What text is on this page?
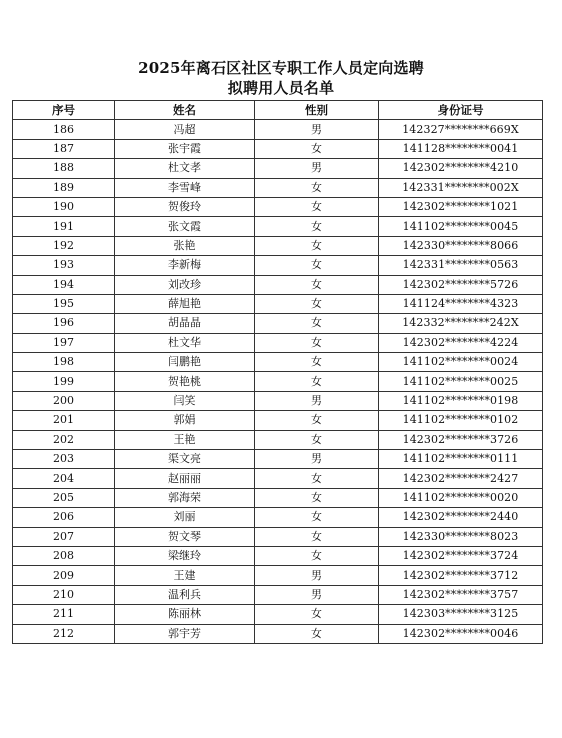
2025年离石区社区专职工作人员定向选聘
拟聘用人员名单
序号	姓名	性别	身份证号
186	冯超	男	142327********669X
187	张宇霞	女	141128********0041
188	杜文孝	男	142302********4210
189	李雪峰	女	142331********002X
190	贺俊玲	女	142302********1021
191	张文霞	女	141102********0045
192	张艳	女	142330********8066
193	李新梅	女	142331********0563
194	刘改珍	女	142302********5726
195	薛旭艳	女	141124********4323
196	胡晶晶	女	142332********242X
197	杜文华	女	142302********4224
198	闫鹏艳	女	141102********0024
199	贺艳桃	女	141102********0025
200	闫笑	男	141102********0198
201	郭娟	女	141102********0102
202	王艳	女	142302********3726
203	渠文亮	男	141102********0111
204	赵丽丽	女	142302********2427
205	郭海荣	女	141102********0020
206	刘丽	女	142302********2440
207	贺文琴	女	142330********8023
208	梁继玲	女	142302********3724
209	王建	男	142302********3712
210	温利兵	男	142302********3757
211	陈丽林	女	142303********3125
212	郭宇芳	女	142302********0046
